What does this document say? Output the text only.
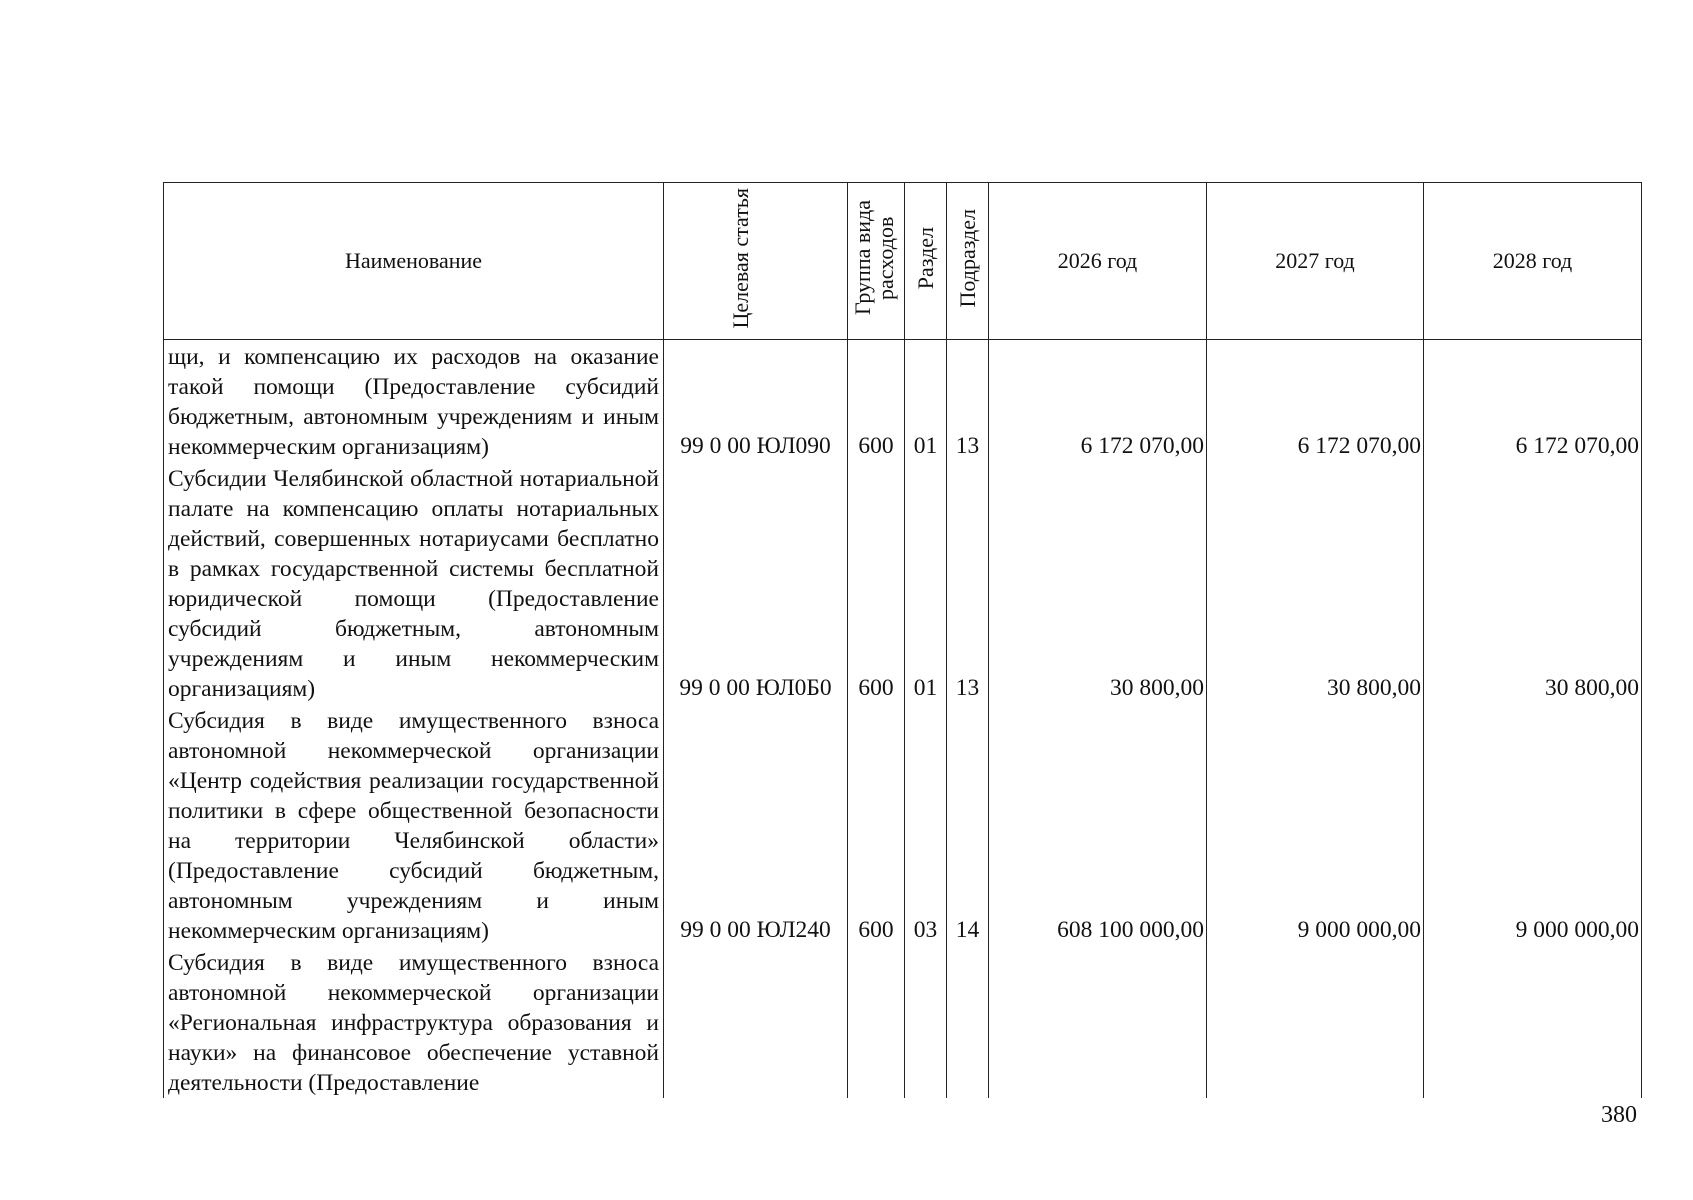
Наименование	Целевая статья	Группа вида расходов	Раздел	Подраздел	2026 год	2027 год	2028 год
щи, и компенсацию их расходов на оказание такой помощи (Предоставление субсидий бюджетным, автономным учреждениям и иным некоммерческим организациям)	99 0 00 ЮЛ090	600	01	13	6 172 070,00	6 172 070,00	6 172 070,00
Субсидии Челябинской областной нотариальной палате на компенсацию оплаты нотариальных действий, совершенных нотариусами бесплатно в рамках государственной системы бесплатной юридической помощи (Предоставление субсидий бюджетным, автономным учреждениям и иным некоммерческим организациям)	99 0 00 ЮЛ0Б0	600	01	13	30 800,00	30 800,00	30 800,00
Субсидия в виде имущественного взноса автономной некоммерческой организации «Центр содействия реализации государственной политики в сфере общественной безопасности на территории Челябинской области» (Предоставление субсидий бюджетным, автономным учреждениям и иным некоммерческим организациям)	99 0 00 ЮЛ240	600	03	14	608 100 000,00	9 000 000,00	9 000 000,00
Субсидия в виде имущественного взноса автономной некоммерческой организации «Региональная инфраструктура образования и науки» на финансовое обеспечение уставной деятельности (Предоставление							
380
